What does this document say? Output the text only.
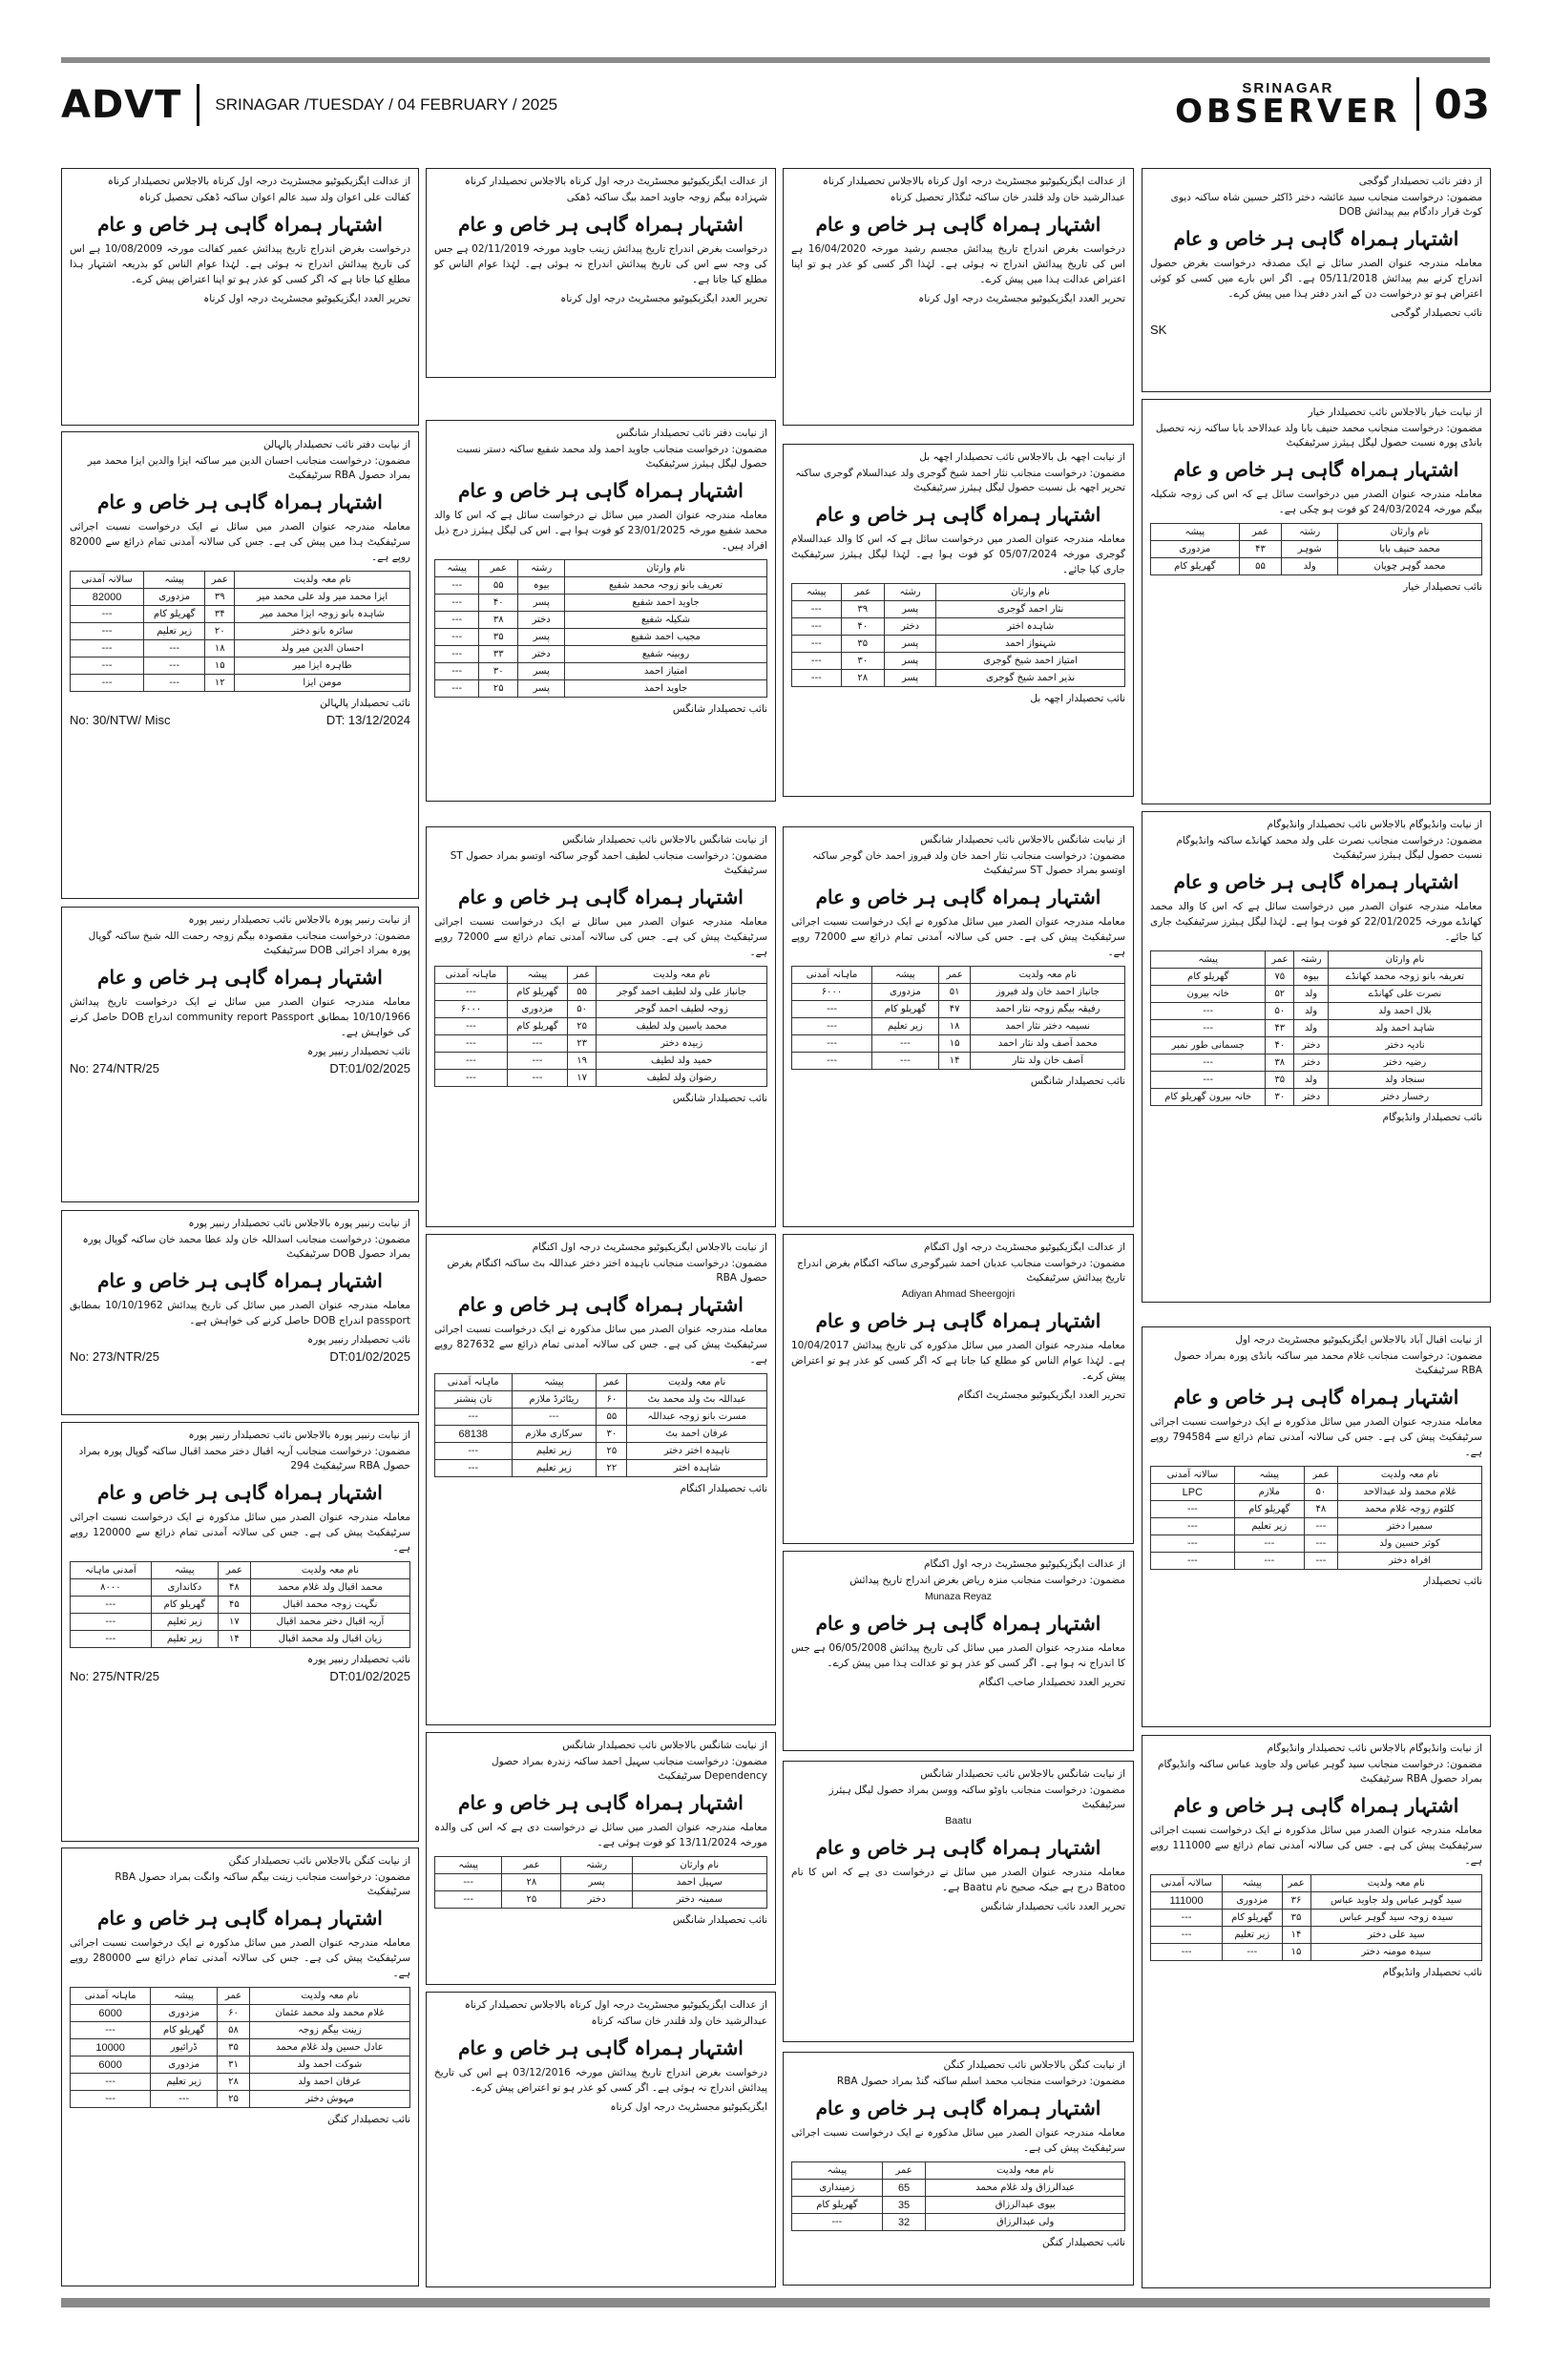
ADVT SRINAGAR /TUESDAY / 04 FEBRUARY / 2025
SRINAGAR
OBSERVER 03
از عدالت ایگزیکیوٹیو مجسٹریٹ درجہ اول کرناہ بالاجلاس تحصیلدار کرناہ
کفالت علی اعوان ولد سید عالم اعوان ساکنہ ڈھکی تحصیل کرناہ
اشتہار ہمراہ گاہی ہر خاص و عام
درخواست بغرض اندراج تاریخ پیدائش عمیر کفالت مورخہ 10/08/2009 ہے اس کی تاریخ پیدائش اندراج نہ ہوئی ہے۔ لہٰذا عوام الناس کو بذریعہ اشتہار ہذا مطلع کیا جاتا ہے کہ اگر کسی کو عذر ہو تو اپنا اعتراض پیش کرے۔
تحریر العدد ایگزیکیوٹیو مجسٹریٹ درجہ اول کرناہ
از عدالت ایگزیکیوٹیو مجسٹریٹ درجہ اول کرناہ بالاجلاس تحصیلدار کرناہ
شہزادہ بیگم زوجہ جاوید احمد بیگ ساکنہ ڈھکی
اشتہار ہمراہ گاہی ہر خاص و عام
درخواست بغرض اندراج تاریخ پیدائش زینب جاوید مورخہ 02/11/2019 ہے جس کی وجہ سے اس کی تاریخ پیدائش اندراج نہ ہوئی ہے۔ لہٰذا عوام الناس کو مطلع کیا جاتا ہے۔
تحریر العدد ایگزیکیوٹیو مجسٹریٹ درجہ اول کرناہ
از عدالت ایگزیکیوٹیو مجسٹریٹ درجہ اول کرناہ بالاجلاس تحصیلدار کرناہ
عبدالرشید خان ولد قلندر خان ساکنہ ٹنگڈار تحصیل کرناہ
اشتہار ہمراہ گاہی ہر خاص و عام
درخواست بغرض اندراج تاریخ پیدائش مجسم رشید مورخہ 16/04/2020 ہے اس کی تاریخ پیدائش اندراج نہ ہوئی ہے۔ لہٰذا اگر کسی کو عذر ہو تو اپنا اعتراض عدالت ہذا میں پیش کرے۔
تحریر العدد ایگزیکیوٹیو مجسٹریٹ درجہ اول کرناہ
از دفتر نائب تحصیلدار گوگجی
مضمون: درخواست منجانب سید عائشہ دختر ڈاکٹر حسین شاہ ساکنہ دیوی کوٹ قرار دادگام بیم پیدائش DOB
اشتہار ہمراہ گاہی ہر خاص و عام
معاملہ مندرجہ عنوان الصدر سائل نے ایک مصدقہ درخواست بغرض حصول اندراج کرنے بیم پیدائش 05/11/2018 ہے۔ اگر اس بارے میں کسی کو کوئی اعتراض ہو تو درخواست دن کے اندر دفتر ہذا میں پیش کرے۔
نائب تحصیلدار گوگجی
SK
از نیابت دفتر نائب تحصیلدار پالہالن
مضمون: درخواست منجانب احسان الدین میر ساکنہ ایزا والدین ایزا محمد میر بمراد حصول RBA سرٹیفکیٹ
اشتہار ہمراہ گاہی ہر خاص و عام
معاملہ مندرجہ عنوان الصدر میں سائل نے ایک درخواست نسبت اجرائی سرٹیفکیٹ ہذا میں پیش کی ہے۔ جس کی سالانہ آمدنی تمام ذرائع سے 82000 روپے ہے۔
نام معہ ولدیت	عمر	پیشہ	سالانہ آمدنی
ایزا محمد میر ولد علی محمد میر	۳۹	مزدوری	82000
شاہدہ بانو زوجہ ایزا محمد میر	۳۴	گھریلو کام	---
سائرہ بانو دختر	۲۰	زیر تعلیم	---
احسان الدین میر ولد	۱۸	---	---
طاہرہ ایزا میر	۱۵	---	---
مومن ایزا	۱۲	---	---
نائب تحصیلدار پالہالن
No: 30/NTW/ Misc	DT: 13/12/2024
از نیابت دفتر نائب تحصیلدار شانگس
مضمون: درخواست منجانب جاوید احمد ولد محمد شفیع ساکنہ دستر نسبت حصول لیگل ہیئرز سرٹیفکیٹ
اشتہار ہمراہ گاہی ہر خاص و عام
معاملہ مندرجہ عنوان الصدر میں سائل نے درخواست سائل ہے کہ اس کا والد محمد شفیع مورخہ 23/01/2025 کو فوت ہوا ہے۔ اس کی لیگل ہیئرز درج ذیل افراد ہیں۔
نام وارثان	رشتہ	عمر	پیشہ
تعریف بانو زوجہ محمد شفیع	بیوہ	۵۵	---
جاوید احمد شفیع	پسر	۴۰	---
شکیلہ شفیع	دختر	۳۸	---
مجیب احمد شفیع	پسر	۳۵	---
روبینہ شفیع	دختر	۳۳	---
امتیاز احمد	پسر	۳۰	---
جاوید احمد	پسر	۲۵	---
نائب تحصیلدار شانگس
از نیابت اچھہ بل بالاجلاس نائب تحصیلدار اچھہ بل
مضمون: درخواست منجانب نثار احمد شیخ گوجری ولد عبدالسلام گوجری ساکنہ تحریر اچھہ بل نسبت حصول لیگل ہیئرز سرٹیفکیٹ
اشتہار ہمراہ گاہی ہر خاص و عام
معاملہ مندرجہ عنوان الصدر میں درخواست سائل ہے کہ اس کا والد عبدالسلام گوجری مورخہ 05/07/2024 کو فوت ہوا ہے۔ لہٰذا لیگل ہیئرز سرٹیفکیٹ جاری کیا جائے۔
نام وارثان	رشتہ	عمر	پیشہ
نثار احمد گوجری	پسر	۳۹	---
شاہدہ اختر	دختر	۴۰	---
شہنواز احمد	پسر	۳۵	---
امتیاز احمد شیخ گوجری	پسر	۳۰	---
نذیر احمد شیخ گوجری	پسر	۲۸	---
نائب تحصیلدار اچھہ بل
از نیابت خیار بالاجلاس نائب تحصیلدار خیار
مضمون: درخواست منجانب محمد حنیف بابا ولد عبدالاحد بابا ساکنہ زنہ تحصیل بانڈی پورہ نسبت حصول لیگل ہیئرز سرٹیفکیٹ
اشتہار ہمراہ گاہی ہر خاص و عام
معاملہ مندرجہ عنوان الصدر میں درخواست سائل ہے کہ اس کی زوجہ شکیلہ بیگم مورخہ 24/03/2024 کو فوت ہو چکی ہے۔
نام وارثان	رشتہ	عمر	پیشہ
محمد حنیف بابا	شوہر	۴۳	مزدوری
محمد گوہر چوپان	ولد	۵۵	گھریلو کام
نائب تحصیلدار خیار
از نیابت رنبیر پورہ بالاجلاس نائب تحصیلدار رنبیر پورہ
مضمون: درخواست منجانب مقصودہ بیگم زوجہ رحمت اللہ شیخ ساکنہ گوپال پورہ بمراد اجرائی DOB سرٹیفکیٹ
اشتہار ہمراہ گاہی ہر خاص و عام
معاملہ مندرجہ عنوان الصدر میں سائل نے ایک درخواست تاریخ پیدائش 10/10/1966 بمطابق community report Passport اندراج DOB حاصل کرنے کی خواہش ہے۔
نائب تحصیلدار رنبیر پورہ
No: 274/NTR/25	DT:01/02/2025
از نیابت رنبیر پورہ بالاجلاس نائب تحصیلدار رنبیر پورہ
مضمون: درخواست منجانب اسداللہ خان ولد عطا محمد خان ساکنہ گوپال پورہ بمراد حصول DOB سرٹیفکیٹ
اشتہار ہمراہ گاہی ہر خاص و عام
معاملہ مندرجہ عنوان الصدر میں سائل کی تاریخ پیدائش 10/10/1962 بمطابق passport اندراج DOB حاصل کرنے کی خواہش ہے۔
نائب تحصیلدار رنبیر پورہ
No: 273/NTR/25	DT:01/02/2025
از نیابت رنبیر پورہ بالاجلاس نائب تحصیلدار رنبیر پورہ
مضمون: درخواست منجانب آریہ اقبال دختر محمد اقبال ساکنہ گوپال پورہ بمراد حصول RBA سرٹیفکیٹ 294
اشتہار ہمراہ گاہی ہر خاص و عام
معاملہ مندرجہ عنوان الصدر میں سائل مذکورہ نے ایک درخواست نسبت اجرائی سرٹیفکیٹ پیش کی ہے۔ جس کی سالانہ آمدنی تمام ذرائع سے 120000 روپے ہے۔
نام معہ ولدیت	عمر	پیشہ	آمدنی ماہانہ
محمد اقبال ولد غلام محمد	۴۸	دکانداری	۸۰۰۰
نگہت زوجہ محمد اقبال	۴۵	گھریلو کام	---
آریہ اقبال دختر محمد اقبال	۱۷	زیر تعلیم	---
زیان اقبال ولد محمد اقبال	۱۴	زیر تعلیم	---
نائب تحصیلدار رنبیر پورہ
No: 275/NTR/25	DT:01/02/2025
از نیابت شانگس بالاجلاس نائب تحصیلدار شانگس
مضمون: درخواست منجانب لطیف احمد گوجر ساکنہ اوتسو بمراد حصول ST سرٹیفکیٹ
اشتہار ہمراہ گاہی ہر خاص و عام
معاملہ مندرجہ عنوان الصدر میں سائل نے ایک درخواست نسبت اجرائی سرٹیفکیٹ پیش کی ہے۔ جس کی سالانہ آمدنی تمام ذرائع سے 72000 روپے ہے۔
نام معہ ولدیت	عمر	پیشہ	ماہانہ آمدنی
جانباز علی ولد لطیف احمد گوجر	۵۵	گھریلو کام	---
زوجہ لطیف احمد گوجر	۵۰	مزدوری	۶۰۰۰
محمد یاسین ولد لطیف	۲۵	گھریلو کام	---
زبیدہ دختر	۲۳	---	---
حمید ولد لطیف	۱۹	---	---
رضوان ولد لطیف	۱۷	---	---
نائب تحصیلدار شانگس
از نیابت شانگس بالاجلاس نائب تحصیلدار شانگس
مضمون: درخواست منجانب نثار احمد خان ولد فیروز احمد خان گوجر ساکنہ اوتسو بمراد حصول ST سرٹیفکیٹ
اشتہار ہمراہ گاہی ہر خاص و عام
معاملہ مندرجہ عنوان الصدر میں سائل مذکورہ نے ایک درخواست نسبت اجرائی سرٹیفکیٹ پیش کی ہے۔ جس کی سالانہ آمدنی تمام ذرائع سے 72000 روپے ہے۔
نام معہ ولدیت	عمر	پیشہ	ماہانہ آمدنی
جانباز احمد خان ولد فیروز	۵۱	مزدوری	۶۰۰۰
رفیقہ بیگم زوجہ نثار احمد	۴۷	گھریلو کام	---
نسیمہ دختر نثار احمد	۱۸	زیر تعلیم	---
محمد آصف ولد نثار احمد	۱۵	---	---
آصف خان ولد نثار	۱۴	---	---
نائب تحصیلدار شانگس
از نیابت وانڈیوگام بالاجلاس نائب تحصیلدار وانڈیوگام
مضمون: درخواست منجانب نصرت علی ولد محمد کھانڈے ساکنہ وانڈیوگام نسبت حصول لیگل ہیئرز سرٹیفکیٹ
اشتہار ہمراہ گاہی ہر خاص و عام
معاملہ مندرجہ عنوان الصدر میں درخواست سائل ہے کہ اس کا والد محمد کھانڈے مورخہ 22/01/2025 کو فوت ہوا ہے۔ لہٰذا لیگل ہیئرز سرٹیفکیٹ جاری کیا جائے۔
نام وارثان	رشتہ	عمر	پیشہ
تعریفہ بانو زوجہ محمد کھانڈے	بیوہ	۷۵	گھریلو کام
نصرت علی کھانڈے	ولد	۵۲	خانہ بیرون
بلال احمد ولد	ولد	۵۰	---
شاہد احمد ولد	ولد	۴۳	---
نادیہ دختر	دختر	۴۰	جسمانی طور نمبر
رضیہ دختر	دختر	۳۸	---
سنجاد ولد	ولد	۳۵	---
رخسار دختر	دختر	۳۰	خانہ بیرون گھریلو کام
نائب تحصیلدار وانڈیوگام
از نیابت بالاجلاس ایگزیکیوٹیو مجسٹریٹ درجہ اول اکنگام
مضمون: درخواست منجانب ناہیدہ اختر دختر عبداللہ بٹ ساکنہ اکنگام بغرض حصول RBA
اشتہار ہمراہ گاہی ہر خاص و عام
معاملہ مندرجہ عنوان الصدر میں سائل مذکورہ نے ایک درخواست نسبت اجرائی سرٹیفکیٹ پیش کی ہے۔ جس کی سالانہ آمدنی تمام ذرائع سے 827632 روپے ہے۔
نام معہ ولدیت	عمر	پیشہ	ماہانہ آمدنی
عبداللہ بٹ ولد محمد بٹ	۶۰	ریٹائرڈ ملازم	نان پنشنر
مسرت بانو زوجہ عبداللہ	۵۵	---	---
عرفان احمد بٹ	۳۰	سرکاری ملازم	68138
ناہیدہ اختر دختر	۲۵	زیر تعلیم	---
شاہدہ اختر	۲۲	زیر تعلیم	---
نائب تحصیلدار اکنگام
از عدالت ایگزیکیوٹیو مجسٹریٹ درجہ اول اکنگام
مضمون: درخواست منجانب عدیان احمد شیرگوجری ساکنہ اکنگام بغرض اندراج تاریخ پیدائش سرٹیفکیٹ
Adiyan Ahmad Sheergojri
اشتہار ہمراہ گاہی ہر خاص و عام
معاملہ مندرجہ عنوان الصدر میں سائل مذکورہ کی تاریخ پیدائش 10/04/2017 ہے۔ لہٰذا عوام الناس کو مطلع کیا جاتا ہے کہ اگر کسی کو عذر ہو تو اعتراض پیش کرے۔
تحریر العدد ایگزیکیوٹیو مجسٹریٹ اکنگام
از عدالت ایگزیکیوٹیو مجسٹریٹ درجہ اول اکنگام
مضمون: درخواست منجانب منزہ ریاض بغرض اندراج تاریخ پیدائش
Munaza Reyaz
اشتہار ہمراہ گاہی ہر خاص و عام
معاملہ مندرجہ عنوان الصدر میں سائل کی تاریخ پیدائش 06/05/2008 ہے جس کا اندراج نہ ہوا ہے۔ اگر کسی کو عذر ہو تو عدالت ہذا میں پیش کرے۔
تحریر العدد تحصیلدار صاحب اکنگام
از نیابت اقبال آباد بالاجلاس ایگزیکیوٹیو مجسٹریٹ درجہ اول
مضمون: درخواست منجانب غلام محمد میر ساکنہ بانڈی پورہ بمراد حصول RBA سرٹیفکیٹ
اشتہار ہمراہ گاہی ہر خاص و عام
معاملہ مندرجہ عنوان الصدر میں سائل مذکورہ نے ایک درخواست نسبت اجرائی سرٹیفکیٹ پیش کی ہے۔ جس کی سالانہ آمدنی تمام ذرائع سے 794584 روپے ہے۔
نام معہ ولدیت	عمر	پیشہ	سالانہ آمدنی
غلام محمد ولد عبدالاحد	۵۰	ملازم	LPC
کلثوم زوجہ غلام محمد	۴۸	گھریلو کام	---
سمیرا دختر	---	زیر تعلیم	---
کوثر حسین ولد	---	---	---
افراہ دختر	---	---	---
نائب تحصیلدار
از نیابت کنگن بالاجلاس نائب تحصیلدار کنگن
مضمون: درخواست منجانب زینت بیگم ساکنہ وانگت بمراد حصول RBA سرٹیفکیٹ
اشتہار ہمراہ گاہی ہر خاص و عام
معاملہ مندرجہ عنوان الصدر میں سائل مذکورہ نے ایک درخواست نسبت اجرائی سرٹیفکیٹ پیش کی ہے۔ جس کی سالانہ آمدنی تمام ذرائع سے 280000 روپے ہے۔
نام معہ ولدیت	عمر	پیشہ	ماہانہ آمدنی
غلام محمد ولد محمد عثمان	۶۰	مزدوری	6000
زینت بیگم زوجہ	۵۸	گھریلو کام	---
عادل حسین ولد غلام محمد	۳۵	ڈرائیور	10000
شوکت احمد ولد	۳۱	مزدوری	6000
عرفان احمد ولد	۲۸	زیر تعلیم	---
مہوش دختر	۲۵	---	---
نائب تحصیلدار کنگن
از نیابت شانگس بالاجلاس نائب تحصیلدار شانگس
مضمون: درخواست منجانب سہیل احمد ساکنہ زندرہ بمراد حصول Dependency سرٹیفکیٹ
اشتہار ہمراہ گاہی ہر خاص و عام
معاملہ مندرجہ عنوان الصدر میں سائل نے درخواست دی ہے کہ اس کی والدہ مورخہ 13/11/2024 کو فوت ہوئی ہے۔
نام وارثان	رشتہ	عمر	پیشہ
سہیل احمد	پسر	۲۸	---
سمینہ دختر	دختر	۲۵	---
نائب تحصیلدار شانگس
از نیابت شانگس بالاجلاس نائب تحصیلدار شانگس
مضمون: درخواست منجانب باوٹو ساکنہ ووسن بمراد حصول لیگل ہیئرز سرٹیفکیٹ
Baatu
اشتہار ہمراہ گاہی ہر خاص و عام
معاملہ مندرجہ عنوان الصدر میں سائل نے درخواست دی ہے کہ اس کا نام Batoo درج ہے جبکہ صحیح نام Baatu ہے۔
تحریر العدد نائب تحصیلدار شانگس
از عدالت ایگزیکیوٹیو مجسٹریٹ درجہ اول کرناہ بالاجلاس تحصیلدار کرناہ
عبدالرشید خان ولد قلندر خان ساکنہ کرناہ
اشتہار ہمراہ گاہی ہر خاص و عام
درخواست بغرض اندراج تاریخ پیدائش مورخہ 03/12/2016 ہے اس کی تاریخ پیدائش اندراج نہ ہوئی ہے۔ اگر کسی کو عذر ہو تو اعتراض پیش کرے۔
ایگزیکیوٹیو مجسٹریٹ درجہ اول کرناہ
از نیابت کنگن بالاجلاس نائب تحصیلدار کنگن
مضمون: درخواست منجانب محمد اسلم ساکنہ گنڈ بمراد حصول RBA
اشتہار ہمراہ گاہی ہر خاص و عام
معاملہ مندرجہ عنوان الصدر میں سائل مذکورہ نے ایک درخواست نسبت اجرائی سرٹیفکیٹ پیش کی ہے۔
نام معہ ولدیت	عمر	پیشہ
عبدالرزاق ولد غلام محمد	65	زمینداری
بیوی عبدالرزاق	35	گھریلو کام
ولی عبدالرزاق	32	---
نائب تحصیلدار کنگن
از نیابت وانڈیوگام بالاجلاس نائب تحصیلدار وانڈیوگام
مضمون: درخواست منجانب سید گوہر عباس ولد جاوید عباس ساکنہ وانڈیوگام بمراد حصول RBA سرٹیفکیٹ
اشتہار ہمراہ گاہی ہر خاص و عام
معاملہ مندرجہ عنوان الصدر میں سائل مذکورہ نے ایک درخواست نسبت اجرائی سرٹیفکیٹ پیش کی ہے۔ جس کی سالانہ آمدنی تمام ذرائع سے 111000 روپے ہے۔
نام معہ ولدیت	عمر	پیشہ	سالانہ آمدنی
سید گوہر عباس ولد جاوید عباس	۳۶	مزدوری	111000
سیدہ زوجہ سید گوہر عباس	۳۵	گھریلو کام	---
سید علی دختر	۱۴	زیر تعلیم	---
سیدہ مومنہ دختر	۱۵	---	---
نائب تحصیلدار وانڈیوگام
